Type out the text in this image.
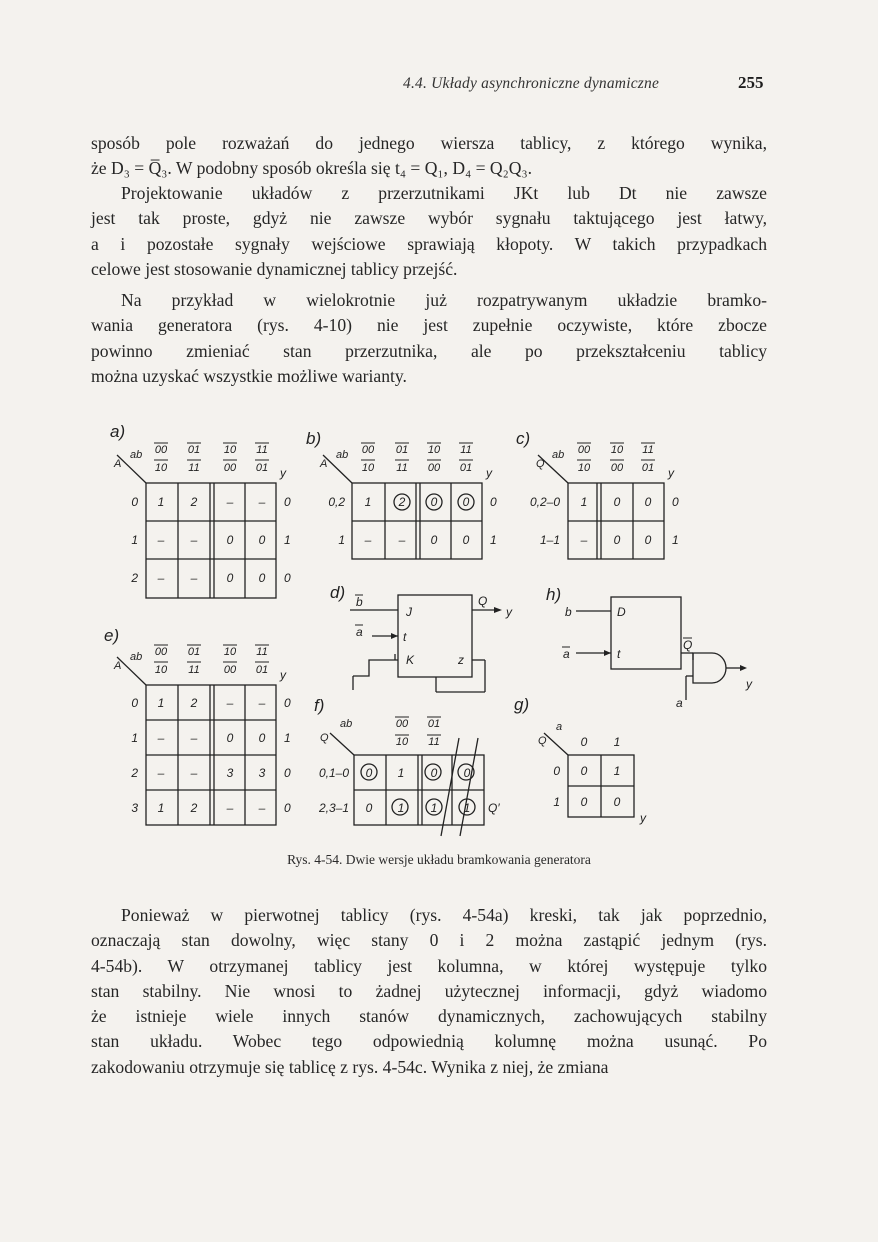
4.4. Układy asynchroniczne dynamiczne	255
sposób pole rozważań do jednego wiersza tablicy, z którego wynika,
że D₃ = Q̅₃. W podobny sposób określa się t₄ = Q₁, D₄ = Q₂Q₃.
Projektowanie układów z przerzutnikami JKt lub Dt nie zawsze
jest tak proste, gdyż nie zawsze wybór sygnału taktującego jest łatwy,
a i pozostałe sygnały wejściowe sprawiają kłopoty. W takich przypadkach
celowe jest stosowanie dynamicznej tablicy przejść.
Na przykład w wielokrotnie już rozpatrywanym układzie bramko-
wania generatora (rys. 4-10) nie jest zupełnie oczywiste, które zbocze
powinno zmieniać stan przerzutnika, ale po przekształceniu tablicy
można uzyskać wszystkie możliwe warianty.
a)
ab
A
00
10
01
11
10
00
11
01 y
0 1 2 – – 0
1 – – 0 0 1
2 – – 0 0 0
b)
ab
A
00
10
01
11
10
00
11
01 y
0,2 1 2 0 0 0
1 – – 0 0 1
c)
ab
Q
00
10
10
00
11
01 y
0,2–0 1 0 0 0
1–1 – 0 0 1
e)
ab
A
00
10
01
11
10
00
11
01 y
0 1 2 – – 0
1 – – 0 0 1
2 – – 3 3 0
3 1 2 – – 0
f)
ab
Q
00 01
10 11
0,1–0 0 1 0 0
2,3–1 0 1 1 1 Q′
g)
a
Q	0 1
0 0 1
1 0 0
y
d) b
a
J
t
K	z
Q
y
h)
b
a
D
t
Q
a
y
Rys. 4-54. Dwie wersje układu bramkowania generatora
Ponieważ w pierwotnej tablicy (rys. 4-54a) kreski, tak jak poprzednio,
oznaczają stan dowolny, więc stany 0 i 2 można zastąpić jednym (rys.
4-54b). W otrzymanej tablicy jest kolumna, w której występuje tylko
stan stabilny. Nie wnosi to żadnej użytecznej informacji, gdyż wiadomo
że istnieje wiele innych stanów dynamicznych, zachowujących stabilny
stan układu. Wobec tego odpowiednią kolumnę można usunąć. Po
zakodowaniu otrzymuje się tablicę z rys. 4-54c. Wynika z niej, że zmiana
